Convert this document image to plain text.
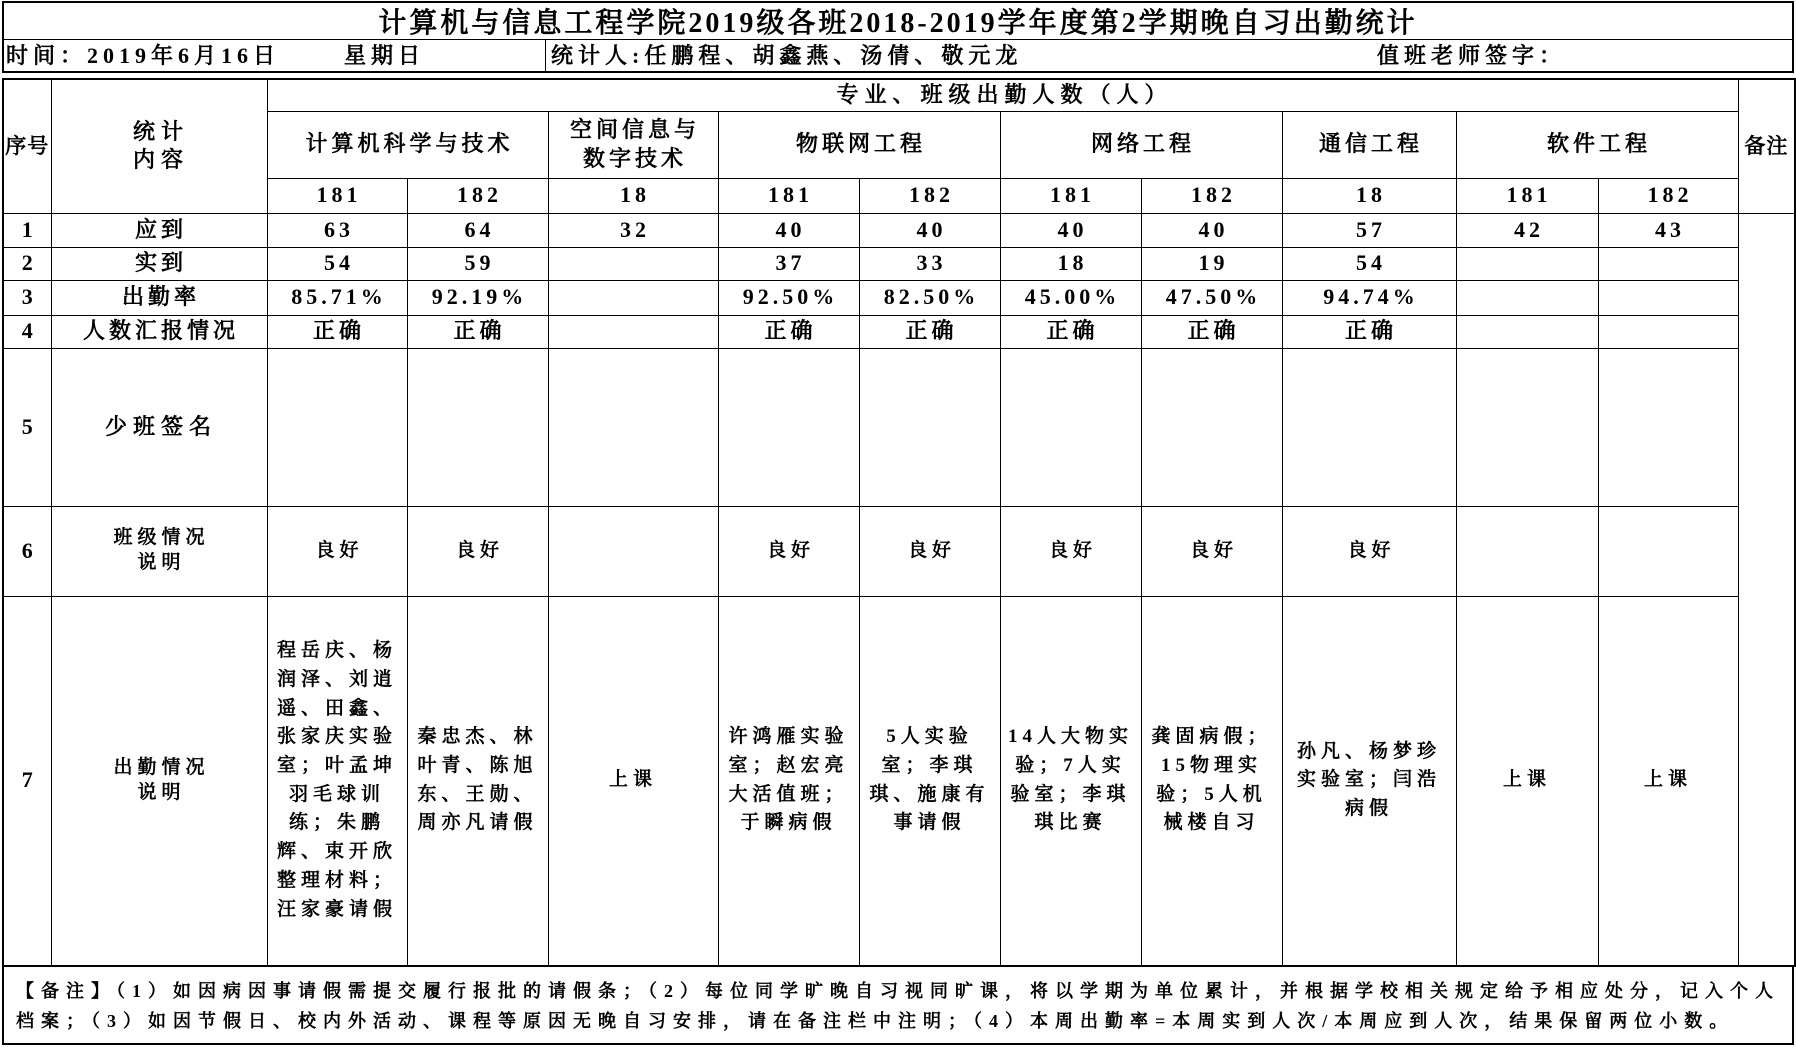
计算机与信息工程学院2019级各班2018-2019学年度第2学期晚自习出勤统计
时间：2019年6月16日	星期日	统计人:任鹏程、胡鑫燕、汤倩、敬元龙	值班老师签字：
序号	统计
内容	专业、班级出勤人数（人）										备注
		计算机科学与技术		空间信息与
数字技术	物联网工程		网络工程		通信工程	软件工程		
		181	182	18	181	182	181	182	18	181	182	
1	应到	63	64	32	40	40	40	40	57	42	43	
2	实到	54	59		37	33	18	19	54			
3	出勤率	85.71%	92.19%		92.50%	82.50%	45.00%	47.50%	94.74%			
4	人数汇报情况	正确	正确		正确	正确	正确	正确	正确			
5	少班签名											
6	班级情况
说明	良好	良好		良好	良好	良好	良好	良好			
7	出勤情况
说明	程岳庆、杨润泽、刘逍遥、田鑫、张家庆实验室；叶孟坤羽毛球训练；朱鹏辉、束开欣整理材料；汪家豪请假	秦忠杰、林叶青、陈旭东、王勋、周亦凡请假	上课	许鸿雁实验室；赵宏亮大活值班；于瞬病假	5人实验室；李琪琪、施康有事请假	14人大物实验；7人实验室；李琪琪比赛	龚固病假；15物理实验；5人机械楼自习	孙凡、杨梦珍实验室；闫浩病假	上课	上课	
【备注】（1）如因病因事请假需提交履行报批的请假条；（2）每位同学旷晚自习视同旷课，将以学期为单位累计，并根据学校相关规定给予相应处分，记入个人档案；（3）如因节假日、校内外活动、课程等原因无晚自习安排，请在备注栏中注明；（4）本周出勤率=本周实到人次/本周应到人次，结果保留两位小数。
